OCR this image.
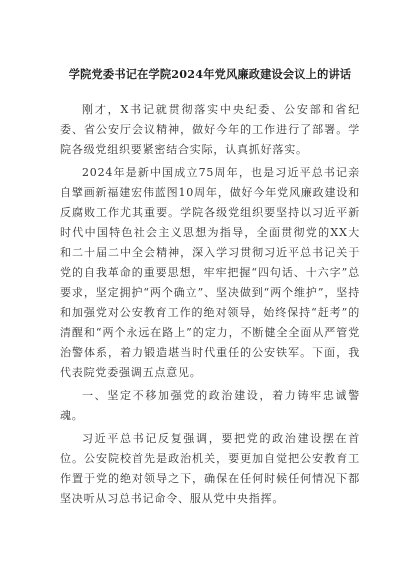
学院党委书记在学院2024年党风廉政建设会议上的讲话

刚才，X书记就贯彻落实中央纪委、公安部和省纪委、省公安厅会议精神，做好今年的工作进行了部署。学院各级党组织要紧密结合实际，认真抓好落实。

2024年是新中国成立75周年，也是习近平总书记亲自擘画新福建宏伟蓝图10周年，做好今年党风廉政建设和反腐败工作尤其重要。学院各级党组织要坚持以习近平新时代中国特色社会主义思想为指导，全面贯彻党的XX大和二十届二中全会精神，深入学习贯彻习近平总书记关于党的自我革命的重要思想，牢牢把握“四句话、十六字”总要求，坚定拥护“两个确立”、坚决做到“两个维护”，坚持和加强党对公安教育工作的绝对领导，始终保持“赶考”的清醒和“两个永远在路上”的定力，不断健全全面从严管党治警体系，着力锻造堪当时代重任的公安铁军。下面，我代表院党委强调五点意见。

一、坚定不移加强党的政治建设，着力铸牢忠诚警魂。

习近平总书记反复强调，要把党的政治建设摆在首位。公安院校首先是政治机关，要更加自觉把公安教育工作置于党的绝对领导之下，确保在任何时候任何情况下都坚决听从习总书记命令、服从党中央指挥。
